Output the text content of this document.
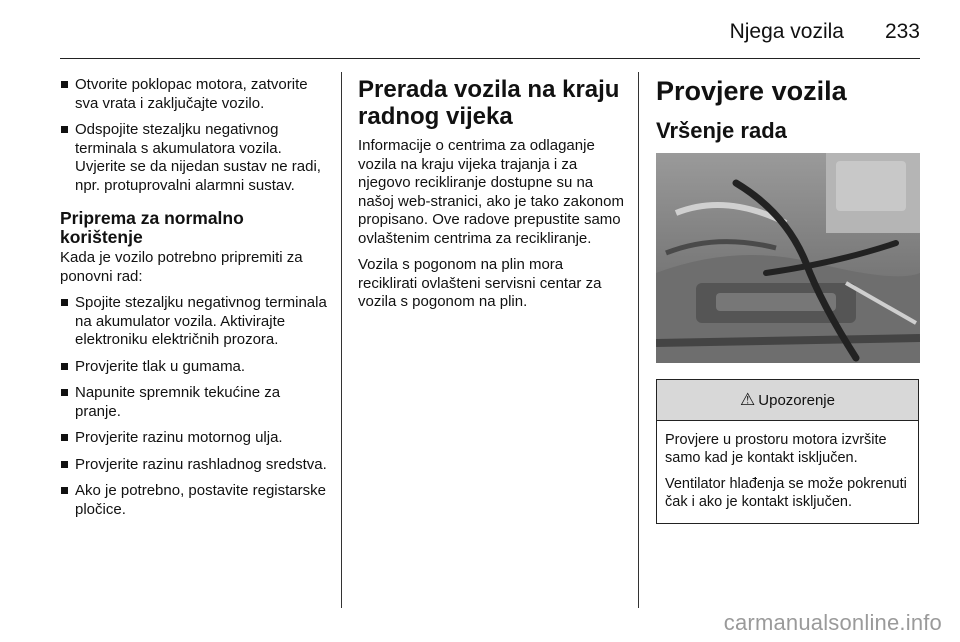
Njega vozila 233
Otvorite poklopac motora, zatvorite sva vrata i zaključajte vozilo.
Odspojite stezaljku negativnog terminala s akumulatora vozila. Uvjerite se da nijedan sustav ne radi, npr. protuprovalni alarmni sustav.
Priprema za normalno korištenje

Kada je vozilo potrebno pripremiti za ponovni rad:

Spojite stezaljku negativnog terminala na akumulator vozila. Aktivirajte elektroniku električnih prozora.
Provjerite tlak u gumama.
Napunite spremnik tekućine za pranje.
Provjerite razinu motornog ulja.
Provjerite razinu rashladnog sredstva.
Ako je potrebno, postavite registarske pločice.
Prerada vozila na kraju radnog vijeka

Informacije o centrima za odlaganje vozila na kraju vijeka trajanja i za njegovo recikliranje dostupne su na našoj web-stranici, ako je tako zakonom propisano. Ove radove prepustite samo ovlaštenim centrima za recikliranje.

Vozila s pogonom na plin mora reciklirati ovlašteni servisni centar za vozila s pogonom na plin.

Provjere vozila
Vršenje rada
⚠ Upozorenje

Provjere u prostoru motora izvršite samo kad je kontakt isključen.

Ventilator hlađenja se može pokrenuti čak i ako je kontakt isključen.

carmanualsonline.info
